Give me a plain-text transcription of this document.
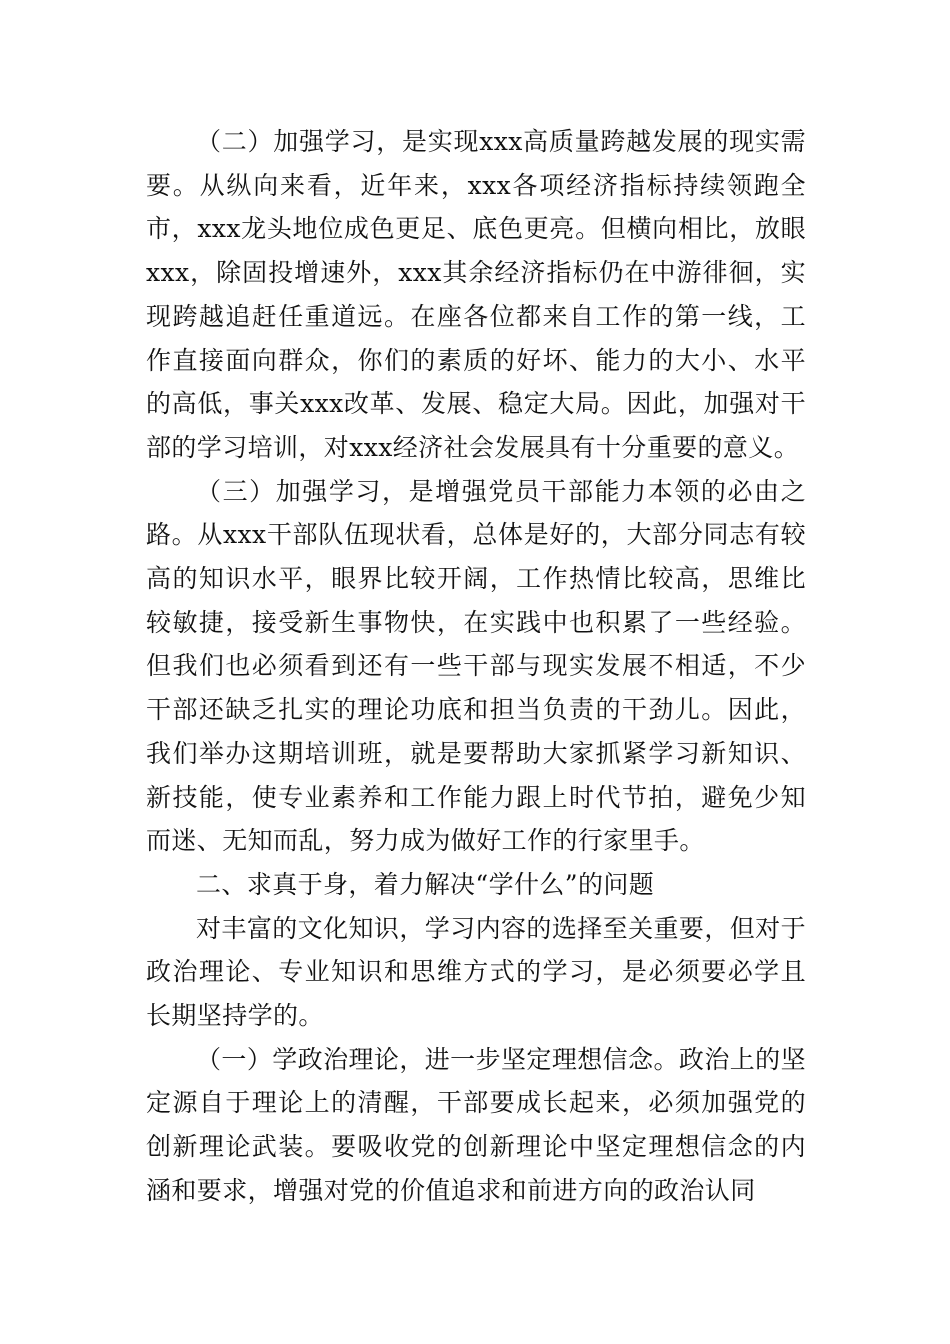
（二）加强学习，是实现xxx高质量跨越发展的现实需要。从纵向来看，近年来，xxx各项经济指标持续领跑全市，xxx龙头地位成色更足、底色更亮。但横向相比，放眼xxx，除固投增速外，xxx其余经济指标仍在中游徘徊，实现跨越追赶任重道远。在座各位都来自工作的第一线，工作直接面向群众，你们的素质的好坏、能力的大小、水平的高低，事关xxx改革、发展、稳定大局。因此，加强对干部的学习培训，对xxx经济社会发展具有十分重要的意义。

（三）加强学习，是增强党员干部能力本领的必由之路。从xxx干部队伍现状看，总体是好的，大部分同志有较高的知识水平，眼界比较开阔，工作热情比较高，思维比较敏捷，接受新生事物快，在实践中也积累了一些经验。但我们也必须看到还有一些干部与现实发展不相适，不少干部还缺乏扎实的理论功底和担当负责的干劲儿。因此，我们举办这期培训班，就是要帮助大家抓紧学习新知识、新技能，使专业素养和工作能力跟上时代节拍，避免少知而迷、无知而乱，努力成为做好工作的行家里手。

二、求真于身，着力解决“学什么”的问题

对丰富的文化知识，学习内容的选择至关重要，但对于政治理论、专业知识和思维方式的学习，是必须要必学且长期坚持学的。

（一）学政治理论，进一步坚定理想信念。政治上的坚定源自于理论上的清醒，干部要成长起来，必须加强党的创新理论武装。要吸收党的创新理论中坚定理想信念的内涵和要求，增强对党的价值追求和前进方向的政治认同
